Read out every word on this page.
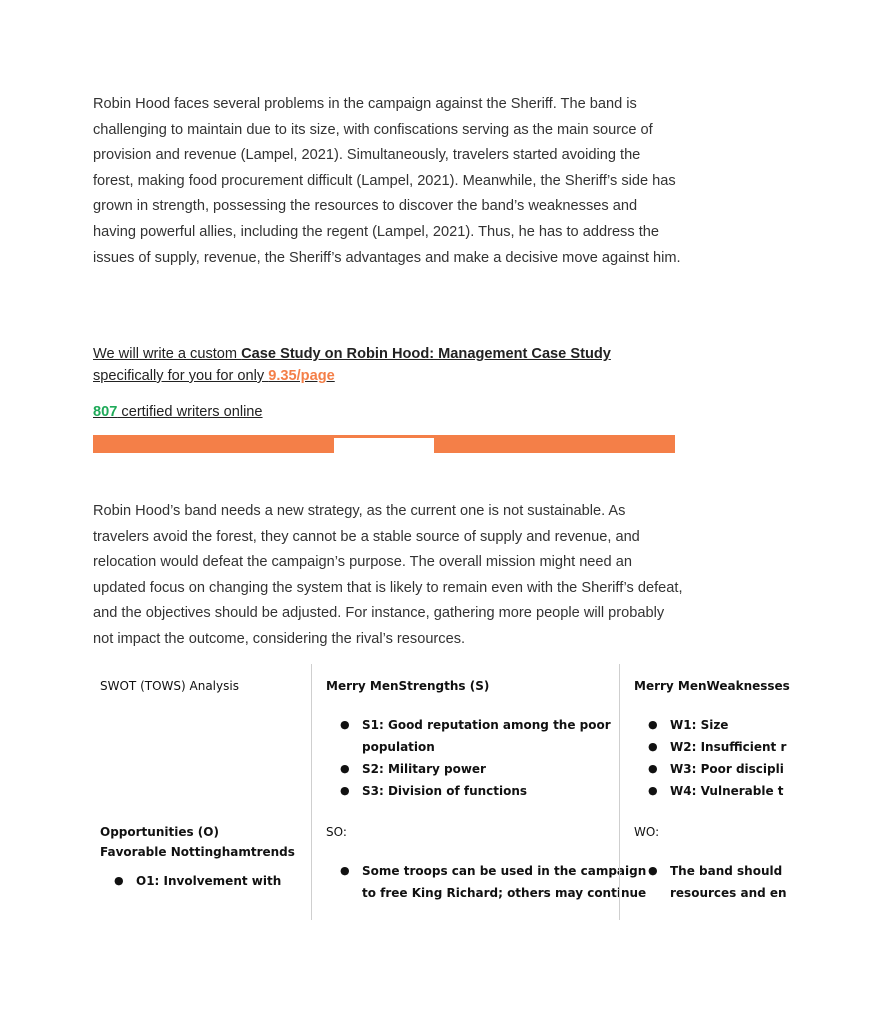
Robin Hood faces several problems in the campaign against the Sheriff. The band is challenging to maintain due to its size, with confiscations serving as the main source of provision and revenue (Lampel, 2021). Simultaneously, travelers started avoiding the forest, making food procurement difficult (Lampel, 2021). Meanwhile, the Sheriff’s side has grown in strength, possessing the resources to discover the band’s weaknesses and having powerful allies, including the regent (Lampel, 2021). Thus, he has to address the issues of supply, revenue, the Sheriff’s advantages and make a decisive move against him.

We will write a custom Case Study on Robin Hood: Management Case Study specifically for you for only 9.35/page
807 certified writers online

Robin Hood’s band needs a new strategy, as the current one is not sustainable. As travelers avoid the forest, they cannot be a stable source of supply and revenue, and relocation would defeat the campaign’s purpose. The overall mission might need an updated focus on changing the system that is likely to remain even with the Sheriff’s defeat, and the objectives should be adjusted. For instance, gathering more people will probably not impact the outcome, considering the rival’s resources.

SWOT (TOWS) Analysis

Opportunities (O)

Favorable Nottinghamtrends

● O1: Involvement with

Merry MenStrengths (S)

● S1: Good reputation among the poor
population
● S2: Military power
● S3: Division of functions

SO:

● Some troops can be used in the campaign
to free King Richard; others may continue

Merry MenWeaknesses

● W1: Size
● W2: Insufficient r
● W3: Poor discipli
● W4: Vulnerable t

WO:

● The band should
resources and en
